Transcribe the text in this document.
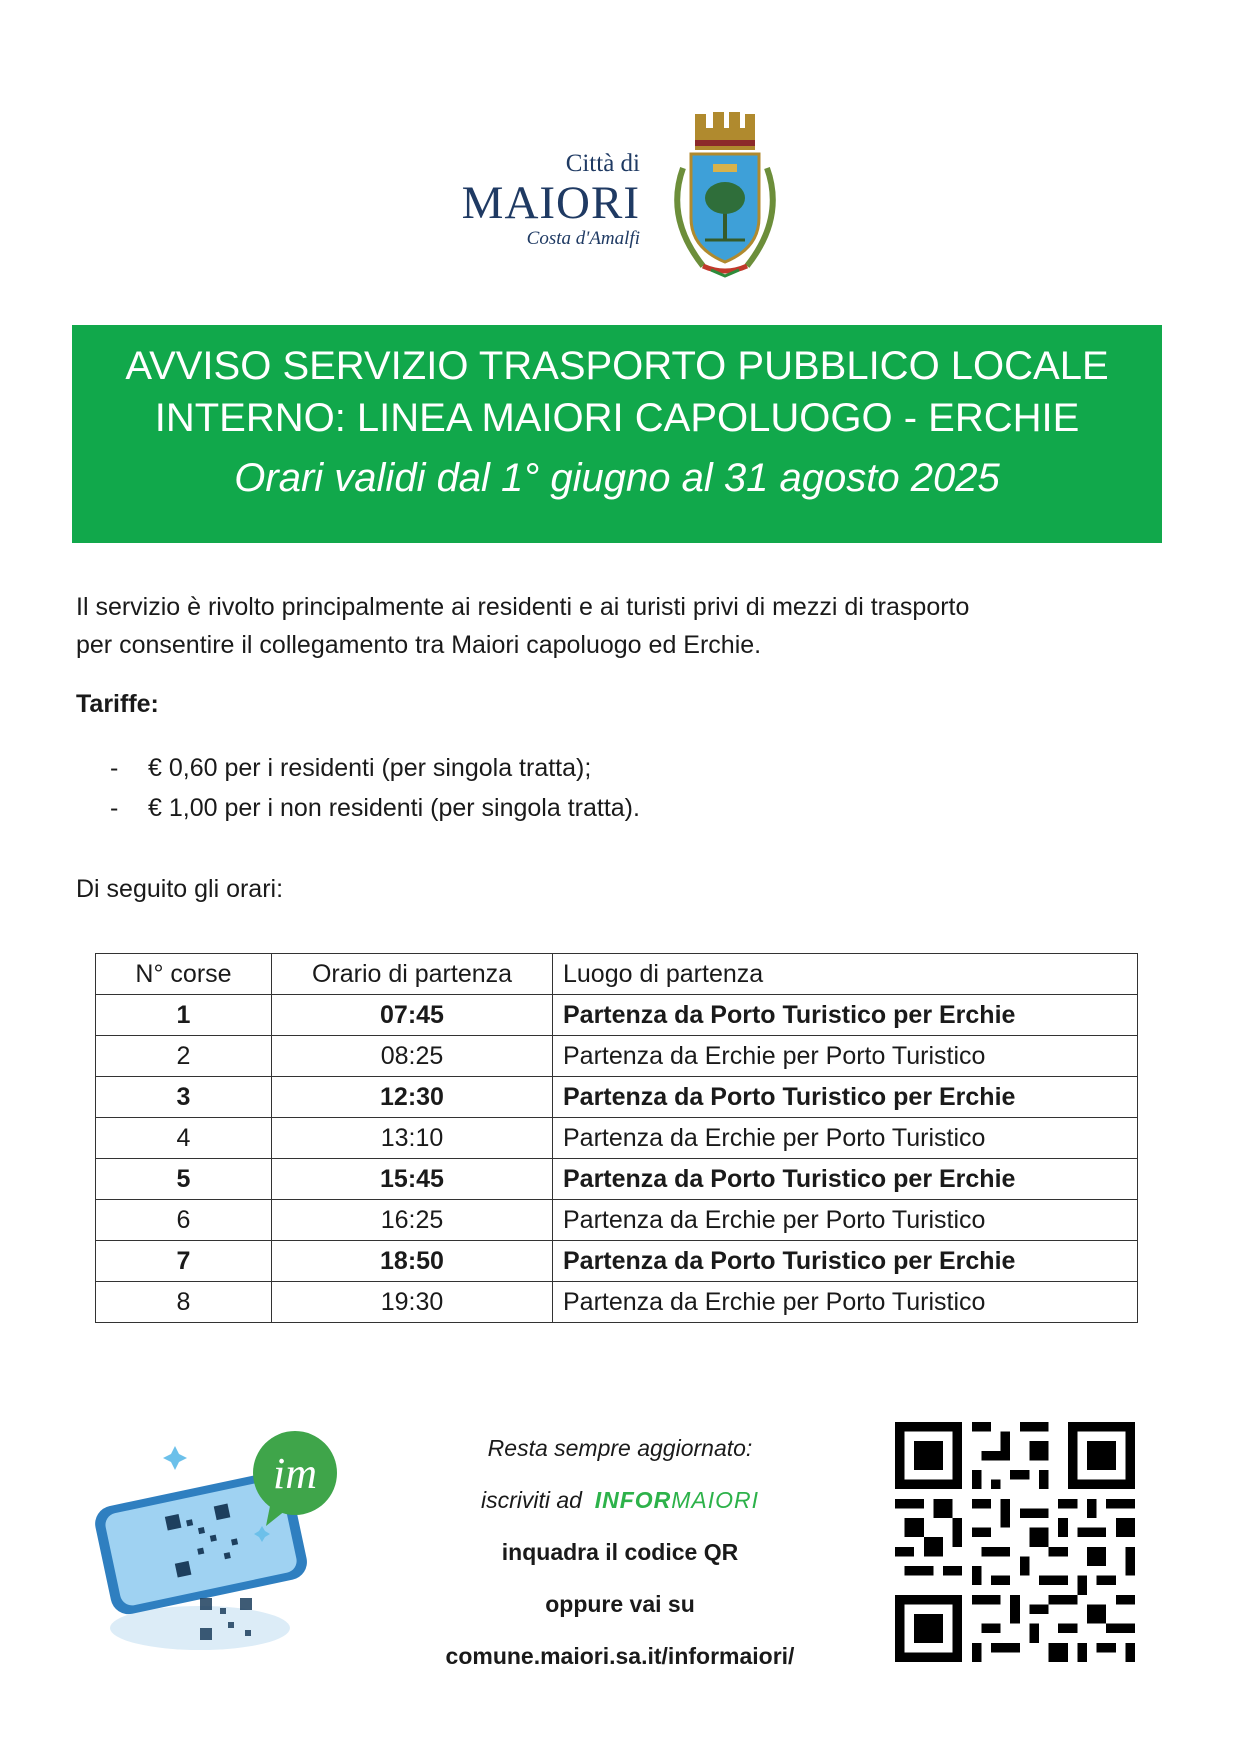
Città di
MAIORI
Costa d'Amalfi
AVVISO SERVIZIO TRASPORTO PUBBLICO LOCALE
INTERNO: LINEA MAIORI CAPOLUOGO - ERCHIE
Orari validi dal 1° giugno al 31 agosto 2025
Il servizio è rivolto principalmente ai residenti e ai turisti privi di mezzi di trasporto
per consentire il collegamento tra Maiori capoluogo ed Erchie.
Tariffe:
- € 0,60 per i residenti (per singola tratta);
- € 1,00 per i non residenti (per singola tratta).
Di seguito gli orari:
N° corse	Orario di partenza	Luogo di partenza
1	07:45	Partenza da Porto Turistico per Erchie
2	08:25	Partenza da Erchie per Porto Turistico
3	12:30	Partenza da Porto Turistico per Erchie
4	13:10	Partenza da Erchie per Porto Turistico
5	15:45	Partenza da Porto Turistico per Erchie
6	16:25	Partenza da Erchie per Porto Turistico
7	18:50	Partenza da Porto Turistico per Erchie
8	19:30	Partenza da Erchie per Porto Turistico
im
Resta sempre aggiornato:
iscriviti ad INFORMAIORI
inquadra il codice QR
oppure vai su
comune.maiori.sa.it/informaiori/
